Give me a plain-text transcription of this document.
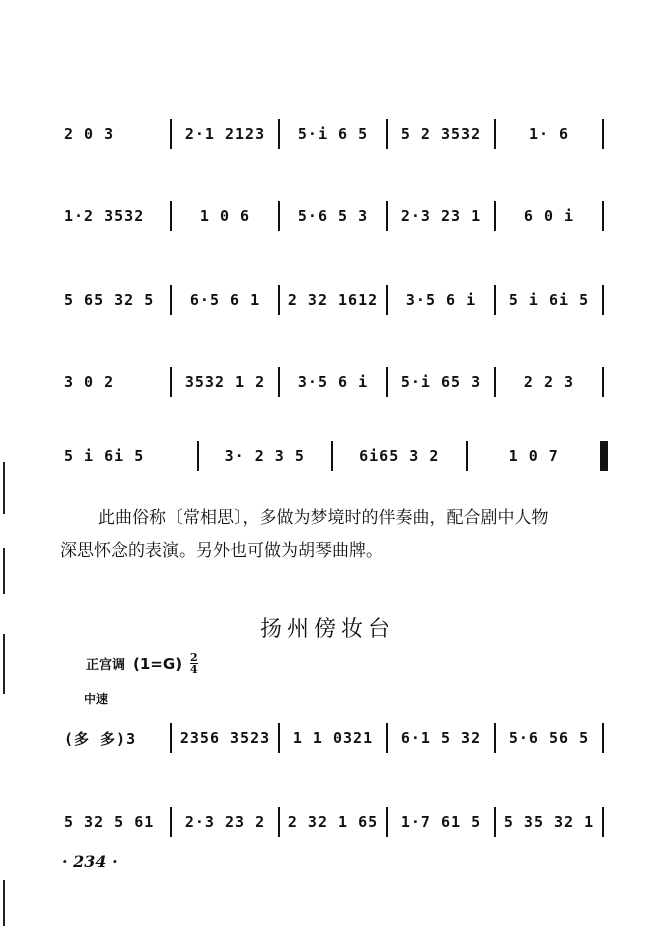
2 0 3	2·1 2123	5·i 6 5	5 2 3532	1· 6
1·2 3532	1 0 6	5·6 5 3	2·3 23 1	6 0 i
5 65 32 5	6·5 6 1	2 32 1612	3·5 6 i	5 i 6i 5
3 0 2	3532 1 2	3·5 6 i	5·i 65 3	2 2 3
5 i 6i 5	3· 2 3 5	6i65 3 2	1 0 7

此曲俗称〔常相思〕，多做为梦境时的伴奏曲，配合剧中人物

深思怀念的表演。另外也可做为胡琴曲牌。

扬州傍妆台
正宫调 (1=G) 2
4
中速
(多 多)3	2356 3523	1 1 0321	6·1 5 32	5·6 56 5
5 32 5 61	2·3 23 2	2 32 1 65	1·7 61 5	5 35 32 1
· 234 ·
